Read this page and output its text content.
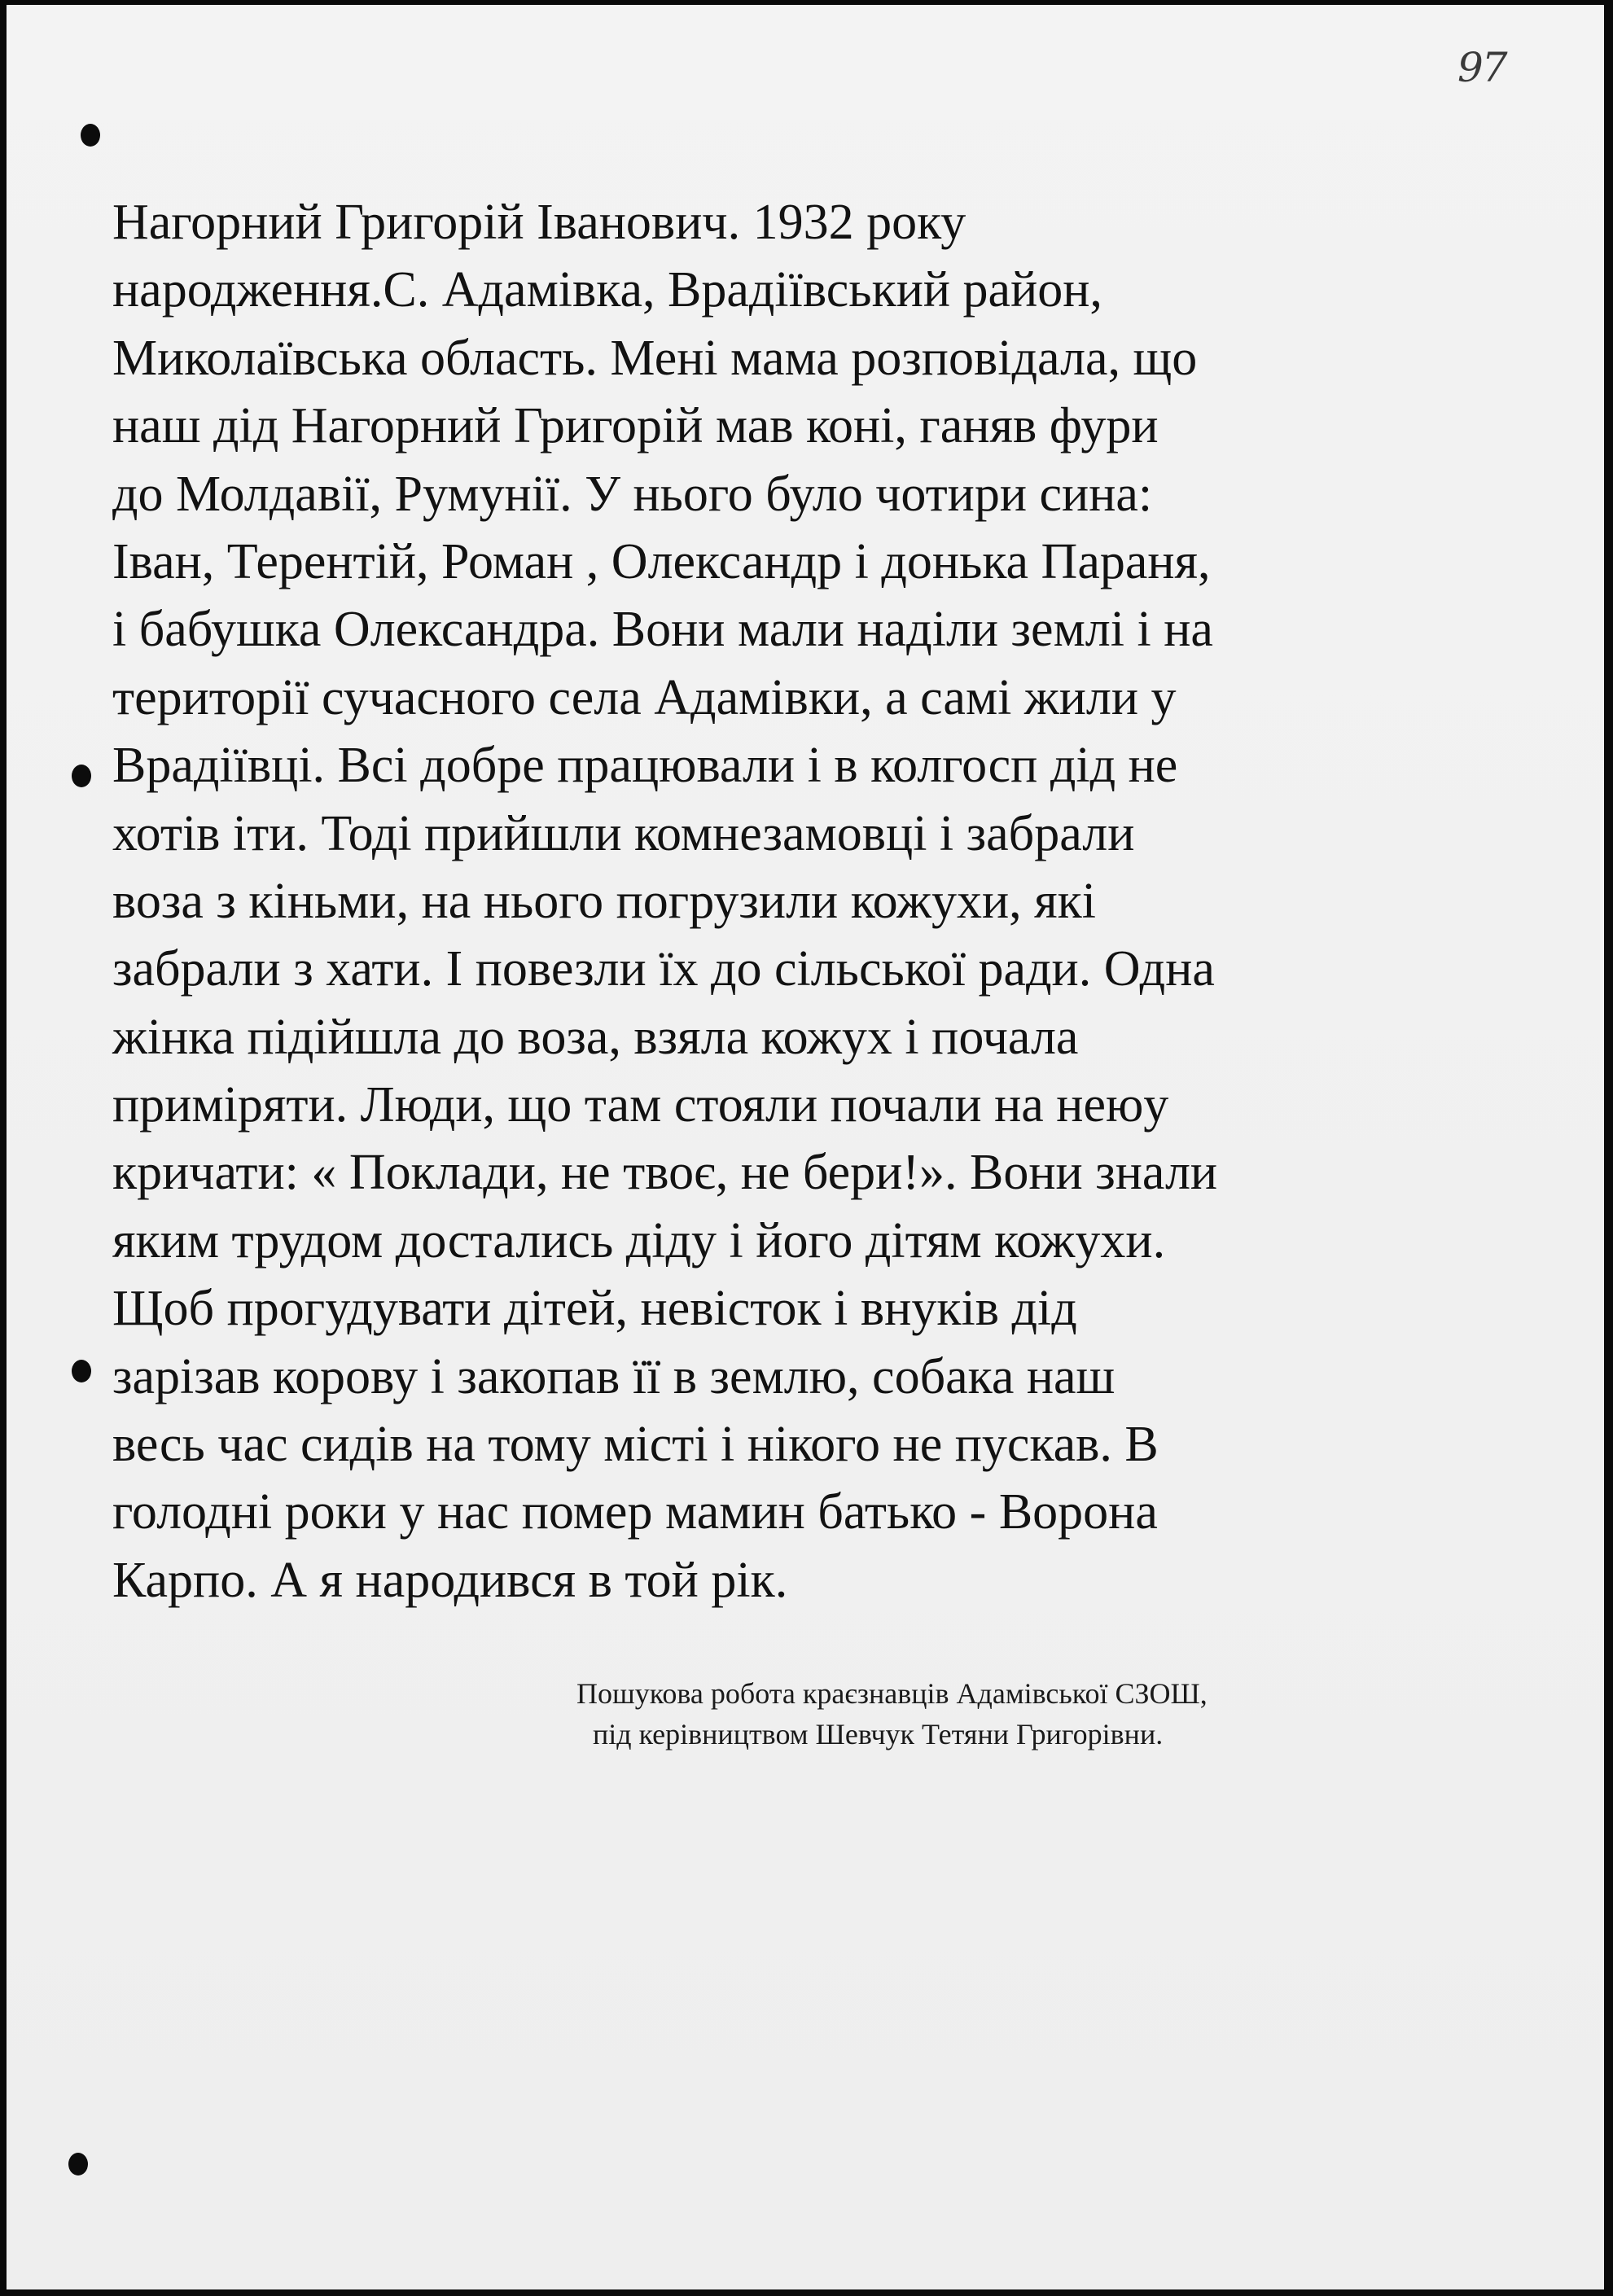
97
Нагорний Григорій Іванович. 1932 року
народження.С. Адамівка, Врадіївський район,
Миколаївська область. Мені мама розповідала, що
наш дід Нагорний Григорій мав коні, ганяв фури
до Молдавії, Румунії. У нього було чотири сина:
Іван, Терентій, Роман , Олександр і донька Параня,
і бабушка Олександра. Вони мали наділи землі і на
території сучасного села Адамівки, а самі жили у
Врадіївці. Всі добре працювали і в колгосп дід не
хотів іти. Тоді прийшли комнезамовці і забрали
воза з кіньми, на нього погрузили кожухи, які
забрали з хати. І повезли їх до сільської ради. Одна
жінка підійшла до воза, взяла кожух і почала
приміряти. Люди, що там стояли почали на неюу
кричати: « Поклади, не твоє, не бери!». Вони знали
яким трудом достались діду і його дітям кожухи.
Щоб прогудувати дітей, невісток і внуків дід
зарізав корову і закопав її в землю, собака наш
весь час сидів на тому місті і нікого не пускав. В
голодні роки у нас помер мамин батько - Ворона
Карпо. А я народився в той рік.
Пошукова робота краєзнавців Адамівської СЗОШ,
під керівництвом Шевчук Тетяни Григорівни.
